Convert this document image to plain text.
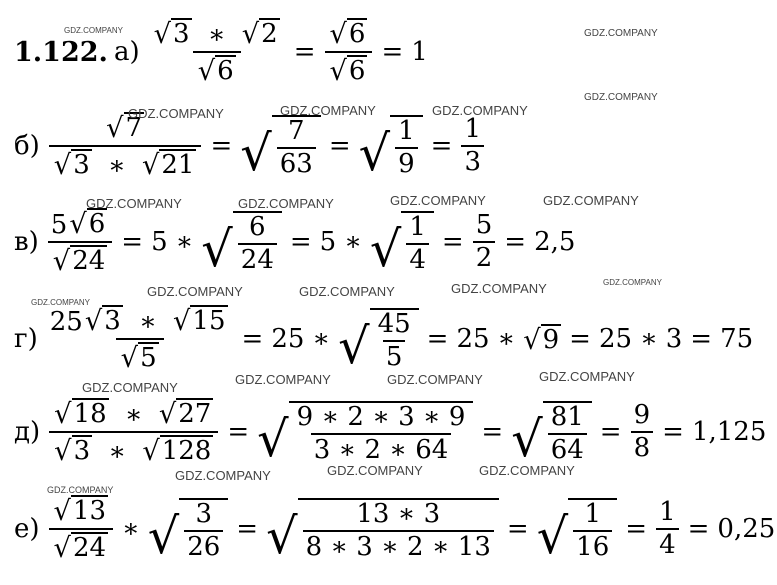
1.122. $а) \frac{√ 3 ∗ √ 2}{√ 6} = \frac{√ 6}{√ 6} = 1$
$б) \frac{√ 7}{√ 3 ∗ √ 21}$ = √ $\frac{7}{63}$ = √ $\frac{1}{9} = \frac{1}{3}$
$в) \frac{5 √ 6}{√ 24} = 5$ ∗ √ $\frac{6}{24} = 5$ ∗ √ $\frac{1}{4} = \frac{5}{2} = 2,5$
$г) \frac{25 √ 3 ∗ √ 15}{√ 5} = 25$ ∗ √ $\frac{45}{5} = 25$ ∗ √ 9 = 25 ∗ 3 = 75
$д) \frac{√ 18 ∗ √ 27}{√ 3 ∗ √ 128}$ = √ $\frac{9 ∗ 2 ∗ 3 ∗ 9}{3 ∗ 2 ∗ 64}$ = √ $\frac{81}{64} = \frac{9}{8} = 1,125$
$е) \frac{√ 13}{√ 24}$ ∗ √ $\frac{3}{26}$ = √ $\frac{13 ∗ 3}{8 ∗ 3 ∗ 2 ∗ 13}$ = √ $\frac{1}{16} = \frac{1}{4} = 0,25$
GDZ.COMPANY	GDZ.COMPANY
GDZ.COMPANY
GDZ.COMPANY	GDZ.COMPANY	GDZ.COMPANY
GDZ.COMPANY	GDZ.COMPANY	GDZ.COMPANY	GDZ.COMPANY
GDZ.COMPANY
GDZ.COMPANY	GDZ.COMPANY	GDZ.COMPANY	GDZ.COMPANY
GDZ.COMPANY
GDZ.COMPANY	GDZ.COMPANY	GDZ.COMPANY
GDZ.COMPANY	GDZ.COMPANY	GDZ.COMPANY
GDZ.COMPANY
